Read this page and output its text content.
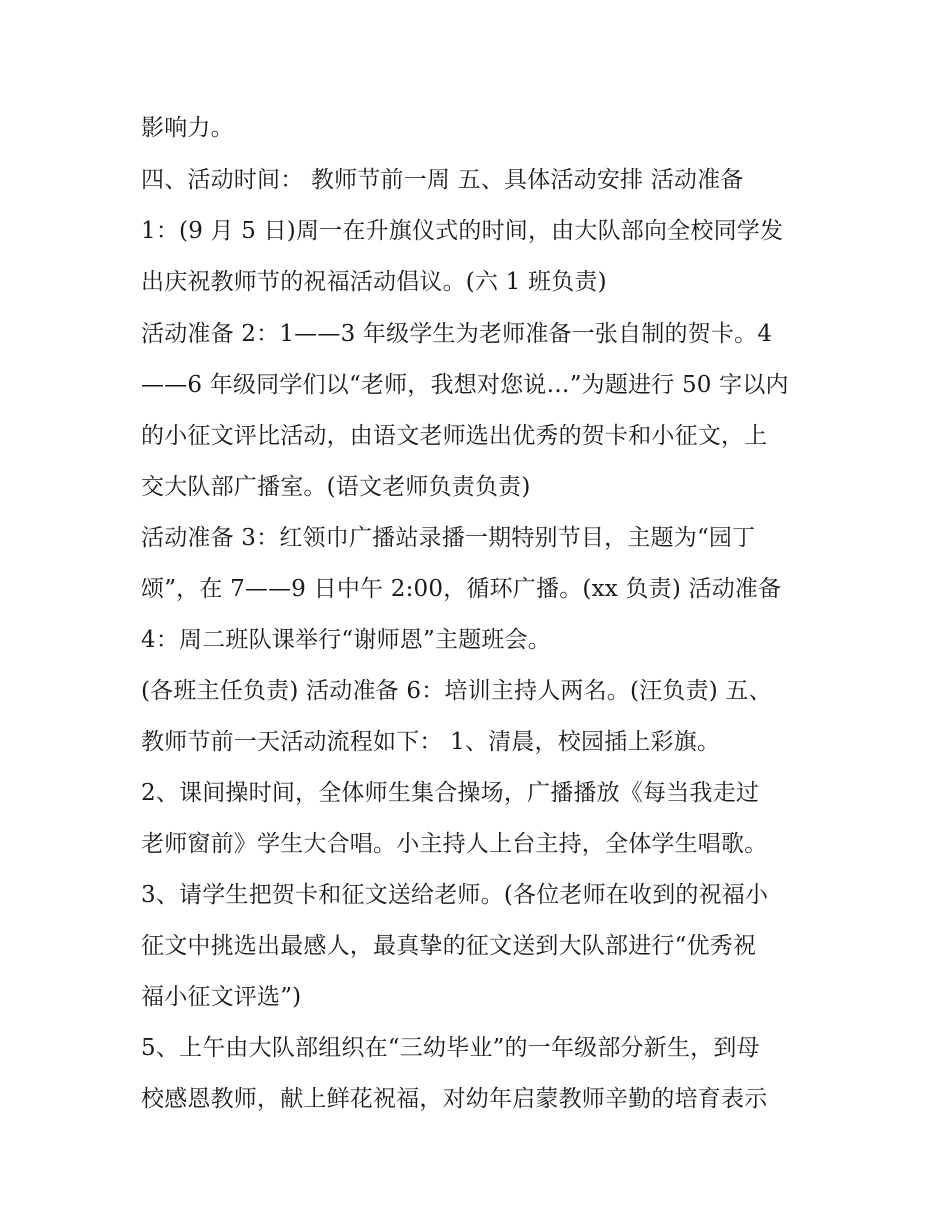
影响力。
四、活动时间： 教师节前一周 五、具体活动安排 活动准备
1：(9 月 5 日)周一在升旗仪式的时间，由大队部向全校同学发
出庆祝教师节的祝福活动倡议。(六 1 班负责)
活动准备 2：1——3 年级学生为老师准备一张自制的贺卡。4
——6 年级同学们以“老师，我想对您说…”为题进行 50 字以内
的小征文评比活动，由语文老师选出优秀的贺卡和小征文，上
交大队部广播室。(语文老师负责负责)
活动准备 3：红领巾广播站录播一期特别节目，主题为“园丁
颂”，在 7——9 日中午 2:00，循环广播。(xx 负责) 活动准备
4：周二班队课举行“谢师恩”主题班会。
(各班主任负责) 活动准备 6：培训主持人两名。(汪负责) 五、
教师节前一天活动流程如下： 1、清晨，校园插上彩旗。
2、课间操时间，全体师生集合操场，广播播放《每当我走过
老师窗前》学生大合唱。小主持人上台主持，全体学生唱歌。
3、请学生把贺卡和征文送给老师。(各位老师在收到的祝福小
征文中挑选出最感人，最真挚的征文送到大队部进行“优秀祝
福小征文评选”)
5、上午由大队部组织在“三幼毕业”的一年级部分新生，到母
校感恩教师，献上鲜花祝福，对幼年启蒙教师辛勤的培育表示
